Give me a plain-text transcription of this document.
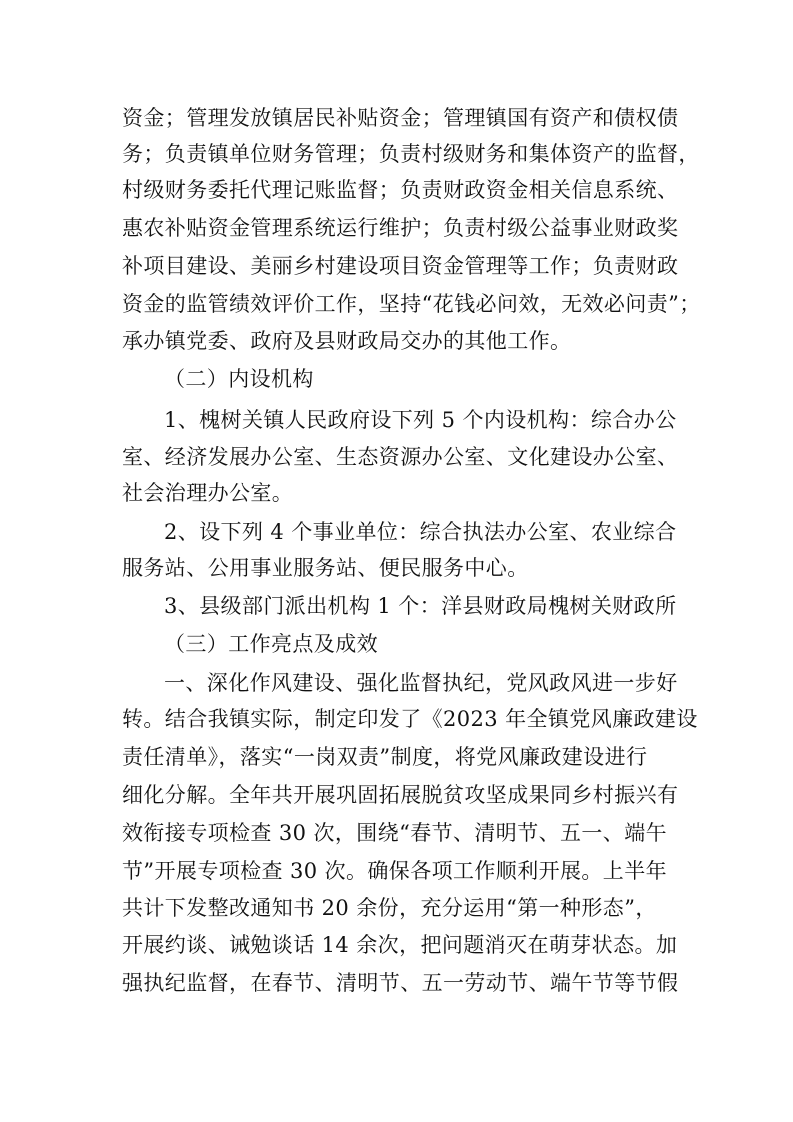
资金；管理发放镇居民补贴资金；管理镇国有资产和债权债
务；负责镇单位财务管理；负责村级财务和集体资产的监督，
村级财务委托代理记账监督；负责财政资金相关信息系统、
惠农补贴资金管理系统运行维护；负责村级公益事业财政奖
补项目建设、美丽乡村建设项目资金管理等工作；负责财政
资金的监管绩效评价工作，坚持“花钱必问效，无效必问责”；
承办镇党委、政府及县财政局交办的其他工作。
（二）内设机构
1、槐树关镇人民政府设下列 5 个内设机构：综合办公
室、经济发展办公室、生态资源办公室、文化建设办公室、
社会治理办公室。
2、设下列 4 个事业单位：综合执法办公室、农业综合
服务站、公用事业服务站、便民服务中心。
3、县级部门派出机构 1 个：洋县财政局槐树关财政所
（三）工作亮点及成效
一、深化作风建设、强化监督执纪，党风政风进一步好
转。结合我镇实际，制定印发了《2023 年全镇党风廉政建设
责任清单》，落实“一岗双责”制度，将党风廉政建设进行
细化分解。全年共开展巩固拓展脱贫攻坚成果同乡村振兴有
效衔接专项检查 30 次，围绕“春节、清明节、五一、端午
节”开展专项检查 30 次。确保各项工作顺利开展。上半年
共计下发整改通知书 20 余份，充分运用“第一种形态”，
开展约谈、诫勉谈话 14 余次，把问题消灭在萌芽状态。加
强执纪监督，在春节、清明节、五一劳动节、端午节等节假
